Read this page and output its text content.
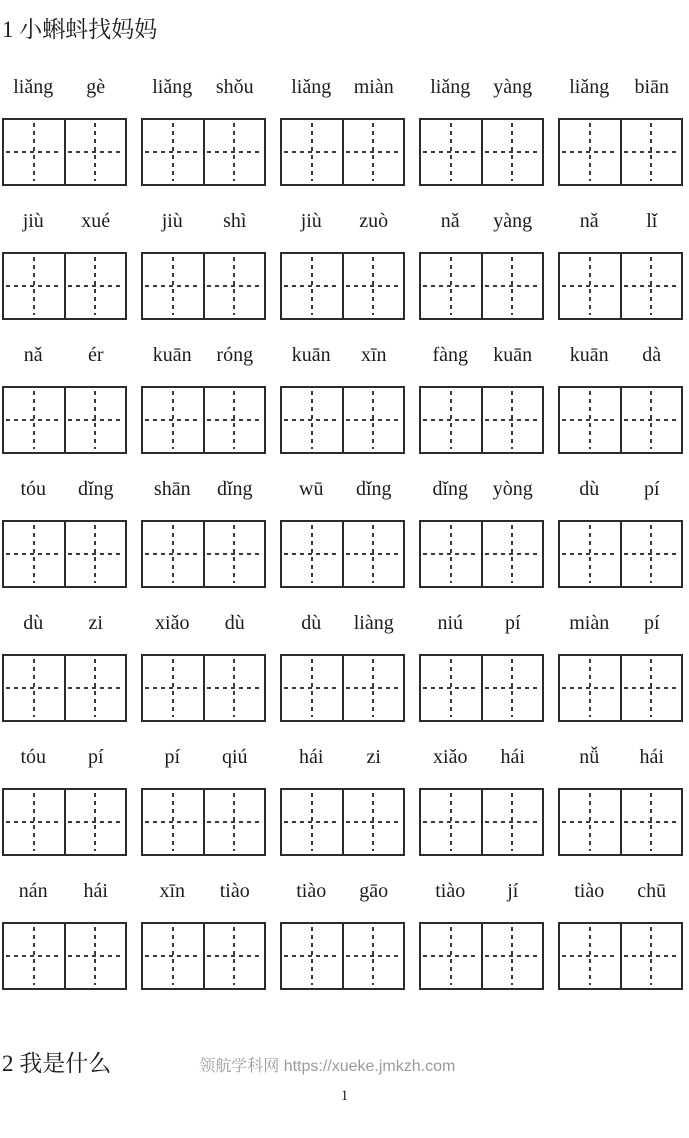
1 小蝌蚪找妈妈
liǎng	gè	liǎng	shǒu	liǎng	miàn	liǎng	yàng	liǎng	biān
jiù	xué	jiù	shì	jiù	zuò	nǎ	yàng	nǎ	lǐ
nǎ	ér	kuān	róng	kuān	xīn	fàng	kuān	kuān	dà
tóu	dǐng	shān	dǐng	wū	dǐng	dǐng	yòng	dù	pí
dù	zi	xiǎo	dù	dù	liàng	niú	pí	miàn	pí
tóu	pí	pí	qiú	hái	zi	xiǎo	hái	nǚ	hái
nán	hái	xīn	tiào	tiào	gāo	tiào	jí	tiào	chū
2 我是什么	领航学科网 https://xueke.jmkzh.com
1
